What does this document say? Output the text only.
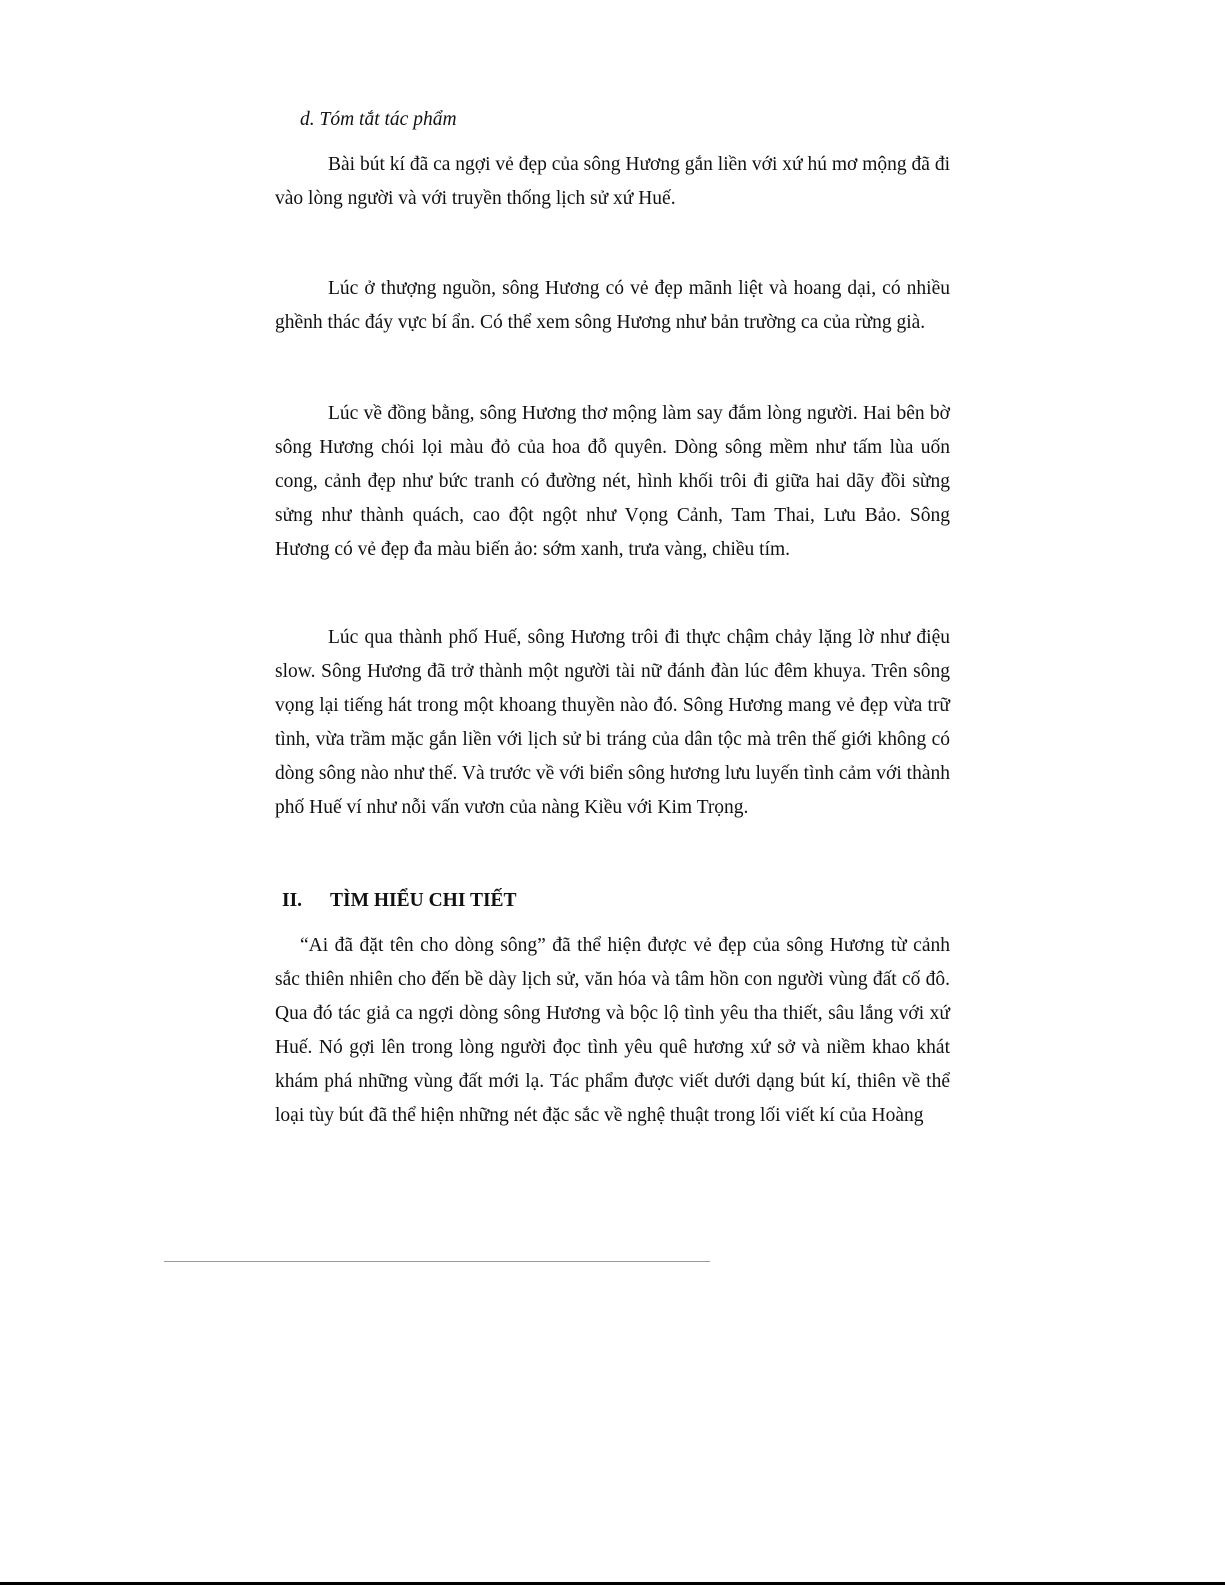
d. Tóm tắt tác phẩm

Bài bút kí đã ca ngợi vẻ đẹp của sông Hương gắn liền với xứ hú mơ mộng đã đi vào lòng người và với truyền thống lịch sử xứ Huế.

Lúc ở thượng nguồn, sông Hương có vẻ đẹp mãnh liệt và hoang dại, có nhiều ghềnh thác đáy vực bí ẩn. Có thể xem sông Hương như bản trường ca của rừng già.

Lúc về đồng bằng, sông Hương thơ mộng làm say đắm lòng người. Hai bên bờ sông Hương chói lọi màu đỏ của hoa đỗ quyên. Dòng sông mềm như tấm lùa uốn cong, cảnh đẹp như bức tranh có đường nét, hình khối trôi đi giữa hai dãy đồi sừng sửng như thành quách, cao đột ngột như Vọng Cảnh, Tam Thai, Lưu Bảo. Sông Hương có vẻ đẹp đa màu biến ảo: sớm xanh, trưa vàng, chiều tím.

Lúc qua thành phố Huế, sông Hương trôi đi thực chậm chảy lặng lờ như điệu slow. Sông Hương đã trở thành một người tài nữ đánh đàn lúc đêm khuya. Trên sông vọng lại tiếng hát trong một khoang thuyền nào đó. Sông Hương mang vẻ đẹp vừa trữ tình, vừa trầm mặc gắn liền với lịch sử bi tráng của dân tộc mà trên thế giới không có dòng sông nào như thế. Và trước về với biển sông hương lưu luyến tình cảm với thành phố Huế ví như nỗi vấn vươn của nàng Kiều với Kim Trọng.

II. TÌM HIỂU CHI TIẾT

“Ai đã đặt tên cho dòng sông” đã thể hiện được vẻ đẹp của sông Hương từ cảnh sắc thiên nhiên cho đến bề dày lịch sử, văn hóa và tâm hồn con người vùng đất cố đô. Qua đó tác giả ca ngợi dòng sông Hương và bộc lộ tình yêu tha thiết, sâu lắng với xứ Huế. Nó gợi lên trong lòng người đọc tình yêu quê hương xứ sở và niềm khao khát khám phá những vùng đất mới lạ. Tác phẩm được viết dưới dạng bút kí, thiên về thể loại tùy bút đã thể hiện những nét đặc sắc về nghệ thuật trong lối viết kí của Hoàng
